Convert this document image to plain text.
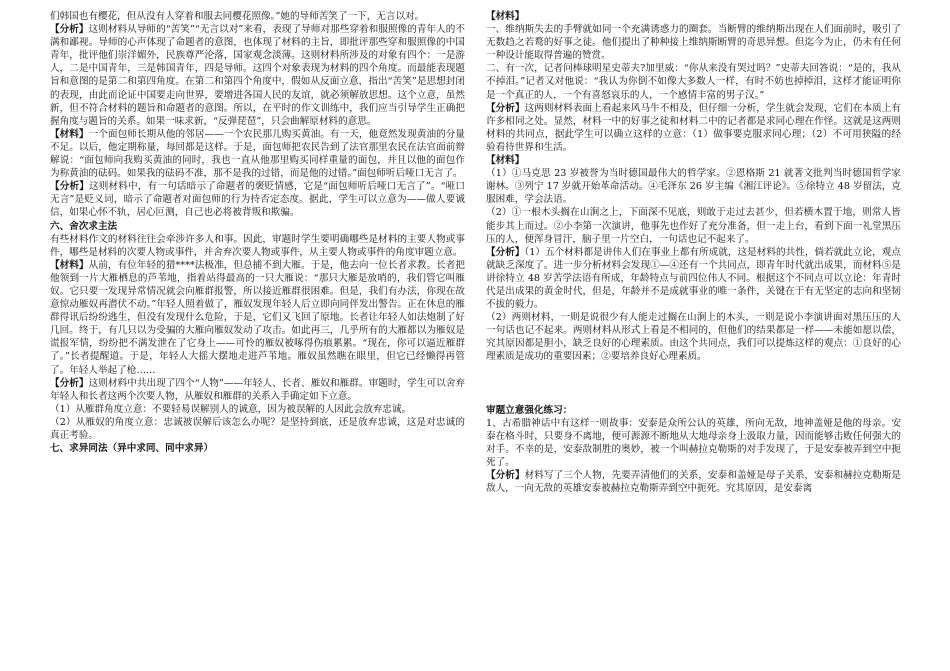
们韩国也有樱花，但从没有人穿着和服去同樱花照像。”她的导师苦笑了一下，无言以对。

【分析】这则材料从导师的“苦笑”“无言以对”来看，表现了导师对那些穿着和服照像的青年人的不满和鄙视。导师的心声体现了命题者的意图，也体现了材料的主旨，即批评那些穿和服照像的中国青年，批评他们崇洋媚外，民族尊严沦落，国家观念淡薄。这则材料所涉及的对象有四个：一是游人，二是中国青年，三是韩国青年，四是导师。这四个对象表现为材料的四个角度。而最能表现题旨和意图的是第二和第四角度。在第二和第四个角度中，假如从反面立意，指出“苦笑”是思想封闭的表现，由此而论证中国要走向世界，要增进各国人民的友谊，就必须解放思想。这个立意，虽然新，但不符合材料的题旨和命题者的意图。所以，在平时的作文训练中，我们应当引导学生正确把握角度与题旨的关系。如果一味求新，“反弹琵琶”，只会曲解原材料的意思。

【材料】一个面包师长期从他的邻居——一个农民那儿购买黄油。有一天，他竟然发现黄油的分量不足。以后，他定期称量，每回都是这样。于是，面包师把农民告到了法官那里农民在法官面前辩解说：“面包师向我购买黄油的同时，我也一直从他那里购买同样重量的面包，并且以他的面包作为称黄油的砝码。如果我的砝码不准，那不是我的过错，而是他的过错。”面包师听后哑口无言了。

【分析】这则材料中，有一句话暗示了命题者的褒贬情感，它是“面包师听后哑口无言了”。“哑口无言”是贬义词，暗示了命题者对面包师的行为持否定态度。据此，学生可以立意为——做人要诚信，如果心怀不轨，居心叵测，自己也必将被背叛和欺骗。

六、舍次求主法

有些材料作文的材料往往会牵涉许多人和事。因此，审题时学生要明确哪些是材料的主要人物或事件，哪些是材料的次要人物或事件，并舍弃次要人物或事件，从主要人物或事件的角度审题立意。

【材料】从前，有位年轻的猎****法极准，但总捕不到大雁。于是，他去向一位长者求教。长者把他领到一片大雁栖息的芦苇地，指着站得最高的一只大雁说：“那只大雁是放哨的，我们管它叫雁奴。它只要一发现异常情况就会向雁群报警，所以接近雁群很困难。但是，我们有办法，你现在故意惊动雁奴再潜伏不动。”年轻人照着做了，雁奴发现年轻人后立即向同伴发出警告。正在休息的雁群得讯后纷纷逃生，但没有发现什么危险，于是，它们又飞回了原地。长者让年轻人如法炮制了好几回。终于，有几只以为受骗的大雁向雁奴发动了攻击。如此再三，几乎所有的大雁都以为雁奴是谎报军情，纷纷把不满发泄在了它身上——可怜的雁奴被啄得伤痕累累。“现在，你可以逼近雁群了。”长者提醒道。于是，年轻人大摇大摆地走进芦苇地。雁奴虽然瞧在眼里，但它已经懒得再管了。年轻人举起了枪……

【分析】这则材料中共出现了四个“人物”——年轻人、长者、雁奴和雁群。审题时，学生可以舍弃年轻人和长者这两个次要人物，从雁奴和雁群的关系入手确定如下立意。

（1）从雁群角度立意：不要轻易误解别人的诚意，因为被误解的人因此会放弃忠诚。

（2）从雁奴的角度立意：忠诚被误解后该怎么办呢？是坚持到底，还是放弃忠诚，这是对忠诚的真正考验。

七、求异同法（异中求同、同中求异）

【材料】

一、维纳斯失去的手臂就如同一个充满诱惑力的圈套。当断臂的维纳斯出现在人们面前时，吸引了无数趋之若鹜的好事之徒。他们提出了种种接上维纳斯断臂的奇思异想。但迄今为止，仍未有任何一种设计能取得普遍的赞赏。

二、有一次，记者问棒球明星史蒂夫?加里威：“你从来没有哭过吗？”史蒂夫回答说：“是的，我从不掉泪。”记者又对他说：“我认为你倒不如像大多数人一样，有时不妨也掉掉泪，这样才能证明你是一个真正的人，一个有喜怒哀乐的人，一个感情丰富的男子汉。”

【分析】这两则材料表面上看起来风马牛不相及，但仔细一分析，学生就会发现，它们在本质上有许多相同之处。显然，材料一中的好事之徒和材料二中的记者都是求同心理在作怪。这就是这两则材料的共同点，据此学生可以确立这样的立意：（1）做事要克服求同心理；（2）不可用狭隘的经验看待世界和生活。

【材料】

（1）①马克思 23 岁被誉为当时德国最伟大的哲学家。②恩格斯 21 就著文批判当时德国哲学家谢林。③列宁 17 岁就开始革命活动。④毛泽东 26 岁主编《湘江评论》。⑤徐特立 48 岁留法，克服困难，学会法语。

（2）①一根木头搁在山涧之上，下面深不见底，则敢于走过去甚少，但若横木置于地，则常人皆能步其上而过。②小李第一次演讲，他事先也作好了充分准备，但一走上台，看到下面一礼堂黑压压的人，便浑身冒汗，脑子里一片空白，一句话也记不起来了。

【分析】（1）五个材料都是讲伟人们在事业上都有所成就，这是材料的共性，倘若就此立论，观点就缺乏深度了。进一步分析材料会发现①—④还有一个共同点，即青年时代就出成果，而材料⑤是讲徐特立 48 岁苦学法语有所成，年龄特点与前四位伟人不同。根据这个不同点可以立论：年青时代是出成果的黄金时代，但是，年龄并不是成就事业的唯一条件，关键在于有无坚定的志向和坚韧不拔的毅力。

（2）两则材料，一则是说很少有人能走过搁在山涧上的木头，一则是说小李演讲面对黑压压的人一句话也记不起来。两则材料从形式上看是不相同的，但他们的结果都是一样——未能如愿以偿，究其原因都是胆小，缺乏良好的心理素质。由这个共同点，我们可以提炼这样的观点：①良好的心理素质是成功的重要因素；②要培养良好心理素质。

审题立意强化练习：

1、古希腊神话中有这样一则故事：安泰是众所公认的英雄，所向无敌，地神盖娅是他的母亲。安泰在格斗时，只要身不离地，便可源源不断地从大地母亲身上汲取力量，因而能够击败任何强大的对手。不幸的是，安泰敌制胜的奥妙，被一个叫赫拉克勒斯的对手发现了，于是安泰被弄到空中扼死了。

【分析】材料写了三个人物，先要弄清他们的关系，安泰和盖娅是母子关系，安泰和赫拉克勒斯是敌人，一向无敌的英雄安泰被赫拉克勒斯弄到空中扼死。究其原因，是安泰离
